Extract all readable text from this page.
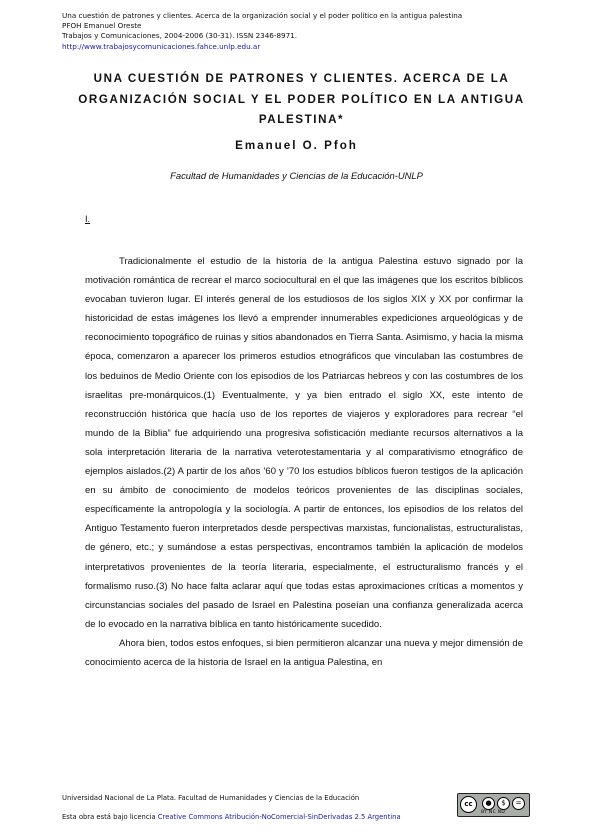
Una cuestión de patrones y clientes. Acerca de la organización social y el poder político en la antigua palestina
PFOH Emanuel Oreste
Trabajos y Comunicaciones, 2004-2006 (30-31). ISSN 2346-8971.
http://www.trabajosycomunicaciones.fahce.unlp.edu.ar
UNA CUESTIÓN DE PATRONES Y CLIENTES. ACERCA DE LA ORGANIZACIÓN SOCIAL Y EL PODER POLÍTICO EN LA ANTIGUA PALESTINA*
Emanuel O. Pfoh
Facultad de Humanidades y Ciencias de la Educación-UNLP
I.

Tradicionalmente el estudio de la historia de la antigua Palestina estuvo signado por la motivación romántica de recrear el marco sociocultural en el que las imágenes que los escritos bíblicos evocaban tuvieron lugar. El interés general de los estudiosos de los siglos XIX y XX por confirmar la historicidad de estas imágenes los llevó a emprender innumerables expediciones arqueológicas y de reconocimiento topográfico de ruinas y sitios abandonados en Tierra Santa. Asimismo, y hacia la misma época, comenzaron a aparecer los primeros estudios etnográficos que vinculaban las costumbres de los beduinos de Medio Oriente con los episodios de los Patriarcas hebreos y con las costumbres de los israelitas pre-monárquicos.(1) Eventualmente, y ya bien entrado el siglo XX, este intento de reconstrucción histórica que hacía uso de los reportes de viajeros y exploradores para recrear “el mundo de la Biblia” fue adquiriendo una progresiva sofisticación mediante recursos alternativos a la sola interpretación literaria de la narrativa veterotestamentaria y al comparativismo etnográfico de ejemplos aislados.(2) A partir de los años ’60 y ’70 los estudios bíblicos fueron testigos de la aplicación en su ámbito de conocimiento de modelos teóricos provenientes de las disciplinas sociales, específicamente la antropología y la sociología. A partir de entonces, los episodios de los relatos del Antiguo Testamento fueron interpretados desde perspectivas marxistas, funcionalistas, estructuralistas, de género, etc.; y sumándose a estas perspectivas, encontramos también la aplicación de modelos interpretativos provenientes de la teoría literaria, especialmente, el estructuralismo francés y el formalismo ruso.(3) No hace falta aclarar aquí que todas estas aproximaciones críticas a momentos y circunstancias sociales del pasado de Israel en Palestina poseían una confianza generalizada acerca de lo evocado en la narrativa bíblica en tanto históricamente sucedido.

Ahora bien, todos estos enfoques, si bien permitieron alcanzar una nueva y mejor dimensión de conocimiento acerca de la historia de Israel en la antigua Palestina, en

Universidad Nacional de La Plata. Facultad de Humanidades y Ciencias de la Educación
Esta obra está bajo licencia Creative Commons Atribución-NoComercial-SinDerivadas 2.5 Argentina
cc	●	$	=
BY NC ND
